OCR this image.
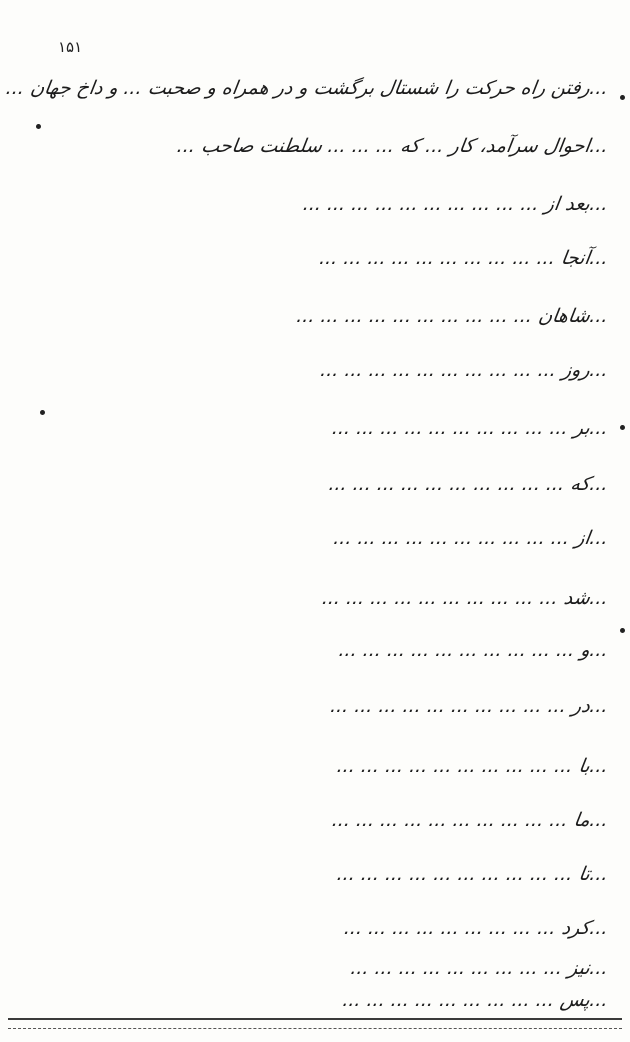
۱۵۱
...رفتن راه حرکت را شستال برگشت و در همراه و صحبت ... و داخ جهان ...
...احوال سرآمد، کار ... که ... ... ... سلطنت صاحب ...
...بعد از ... ... ... ... ... ... ... ... ... ...
...آنجا ... ... ... ... ... ... ... ... ... ...
...شاهان ... ... ... ... ... ... ... ... ... ...
...روز ... ... ... ... ... ... ... ... ... ...
...بر ... ... ... ... ... ... ... ... ... ...
...که ... ... ... ... ... ... ... ... ... ...
...از ... ... ... ... ... ... ... ... ... ...
...شد ... ... ... ... ... ... ... ... ... ...
...و ... ... ... ... ... ... ... ... ... ...
...در ... ... ... ... ... ... ... ... ... ...
...با ... ... ... ... ... ... ... ... ... ...
...ما ... ... ... ... ... ... ... ... ... ...
...تا ... ... ... ... ... ... ... ... ... ...
...کرد ... ... ... ... ... ... ... ... ...
...نیز ... ... ... ... ... ... ... ... ...
...پس ... ... ... ... ... ... ... ... ...
